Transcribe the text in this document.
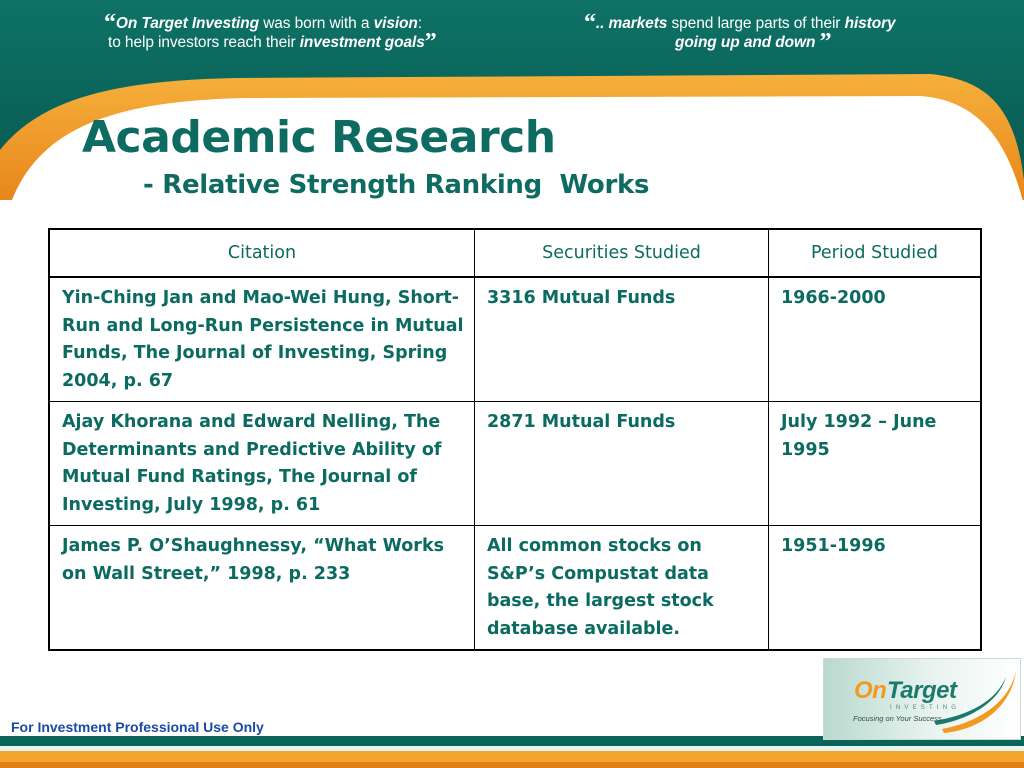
“On Target Investing was born with a vision:
to help investors reach their investment goals”
“.. markets spend large parts of their history
going up and down ”
Academic Research
- Relative Strength Ranking  Works
Citation	Securities Studied	Period Studied
Yin-Ching Jan and Mao-Wei Hung, Short-Run and Long-Run Persistence in Mutual Funds, The Journal of Investing, Spring 2004, p. 67	3316 Mutual Funds	1966-2000
Ajay Khorana and Edward Nelling, The Determinants and Predictive Ability of Mutual Fund Ratings, The Journal of Investing, July 1998, p. 61	2871 Mutual Funds	July 1992 – June 1995
James P. O’Shaughnessy, “What Works on Wall Street,” 1998, p. 233	All common stocks on S&P’s Compustat data base, the largest stock database available.	1951-1996
For Investment Professional Use Only
On Target
INVESTING
Focusing on Your Success
